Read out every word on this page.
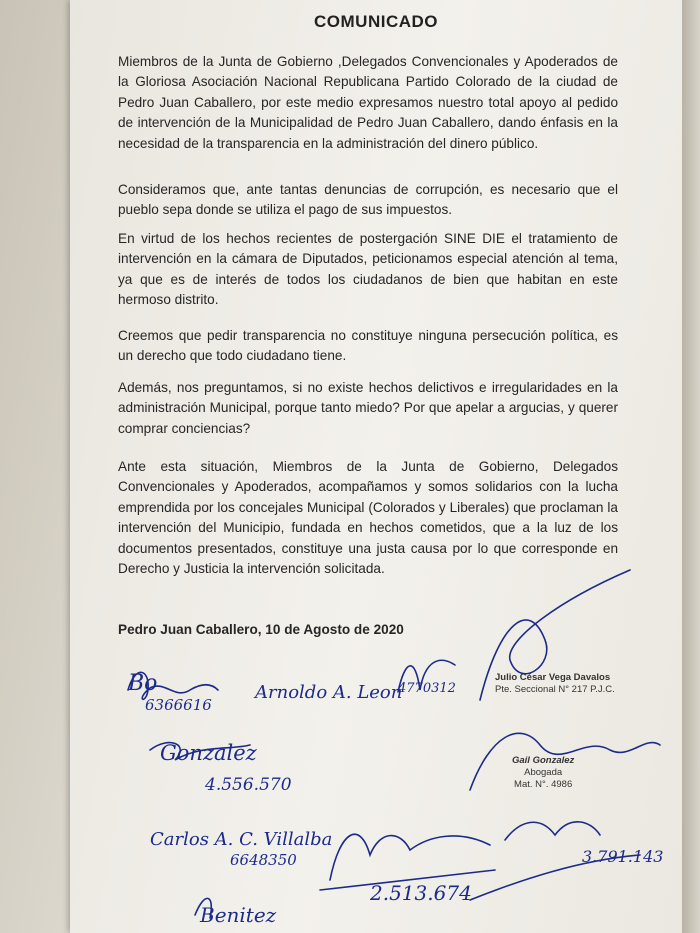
COMUNICADO

Miembros de la Junta de Gobierno ,Delegados Convencionales y Apoderados de la Gloriosa Asociación Nacional Republicana Partido Colorado de la ciudad de Pedro Juan Caballero, por este medio expresamos nuestro total apoyo al pedido de intervención de la Municipalidad de Pedro Juan Caballero, dando énfasis en la necesidad de la transparencia en la administración del dinero público.

Consideramos que, ante tantas denuncias de corrupción, es necesario que el pueblo sepa donde se utiliza el pago de sus impuestos.

En virtud de los hechos recientes de postergación SINE DIE el tratamiento de intervención en la cámara de Diputados, peticionamos especial atención al tema, ya que es de interés de todos los ciudadanos de bien que habitan en este hermoso distrito.

Creemos que pedir transparencia no constituye ninguna persecución política, es un derecho que todo ciudadano tiene.

Además, nos preguntamos, si no existe hechos delictivos e irregularidades en la administración Municipal, porque tanto miedo? Por que apelar a argucias, y querer comprar conciencias?

Ante esta situación, Miembros de la Junta de Gobierno, Delegados Convencionales y Apoderados, acompañamos y somos solidarios con la lucha emprendida por los concejales Municipal (Colorados y Liberales) que proclaman la intervención del Municipio, fundada en hechos cometidos, que a la luz de los documentos presentados, constituye una justa causa por lo que corresponde en Derecho y Justicia la intervención solicitada.

Pedro Juan Caballero, 10 de Agosto de 2020
Julio César Vega Davalos
Pte. Seccional N° 217 P.J.C.
Gail Gonzalez
Abogada
Mat. N°. 4986
Bo
6366616
Arnoldo A. Leon
4770312
Gonzalez
4.556.570
Carlos A. C. Villalba
6648350
2.513.674
3.791.143
Benitez
